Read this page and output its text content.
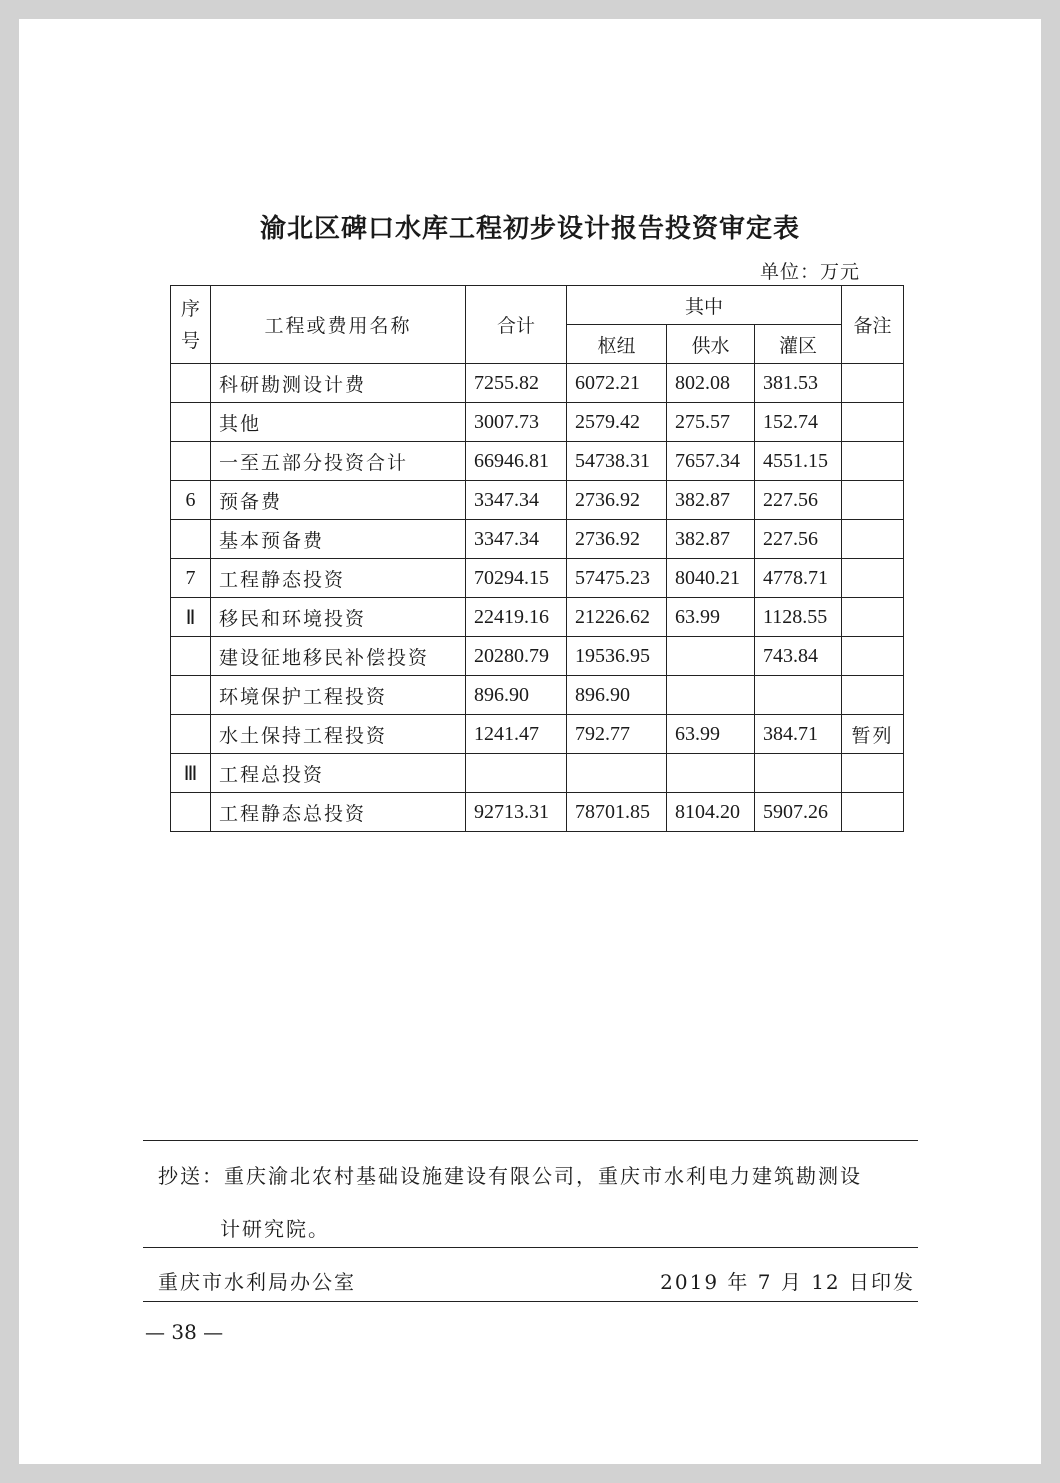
渝北区碑口水库工程初步设计报告投资审定表
单位：万元
序
号	工程或费用名称	合计	其中			备注
			枢纽	供水	灌区	
	科研勘测设计费	7255.82	6072.21	802.08	381.53	
	其他	3007.73	2579.42	275.57	152.74	
	一至五部分投资合计	66946.81	54738.31	7657.34	4551.15	
6	预备费	3347.34	2736.92	382.87	227.56	
	基本预备费	3347.34	2736.92	382.87	227.56	
7	工程静态投资	70294.15	57475.23	8040.21	4778.71	
Ⅱ	移民和环境投资	22419.16	21226.62	63.99	1128.55	
	建设征地移民补偿投资	20280.79	19536.95		743.84	
	环境保护工程投资	896.90	896.90			
	水土保持工程投资	1241.47	792.77	63.99	384.71	暂列
Ⅲ	工程总投资					
	工程静态总投资	92713.31	78701.85	8104.20	5907.26	
抄送：重庆渝北农村基础设施建设有限公司，重庆市水利电力建筑勘测设
计研究院。
重庆市水利局办公室	2019 年 7 月 12 日印发
— 38 —
